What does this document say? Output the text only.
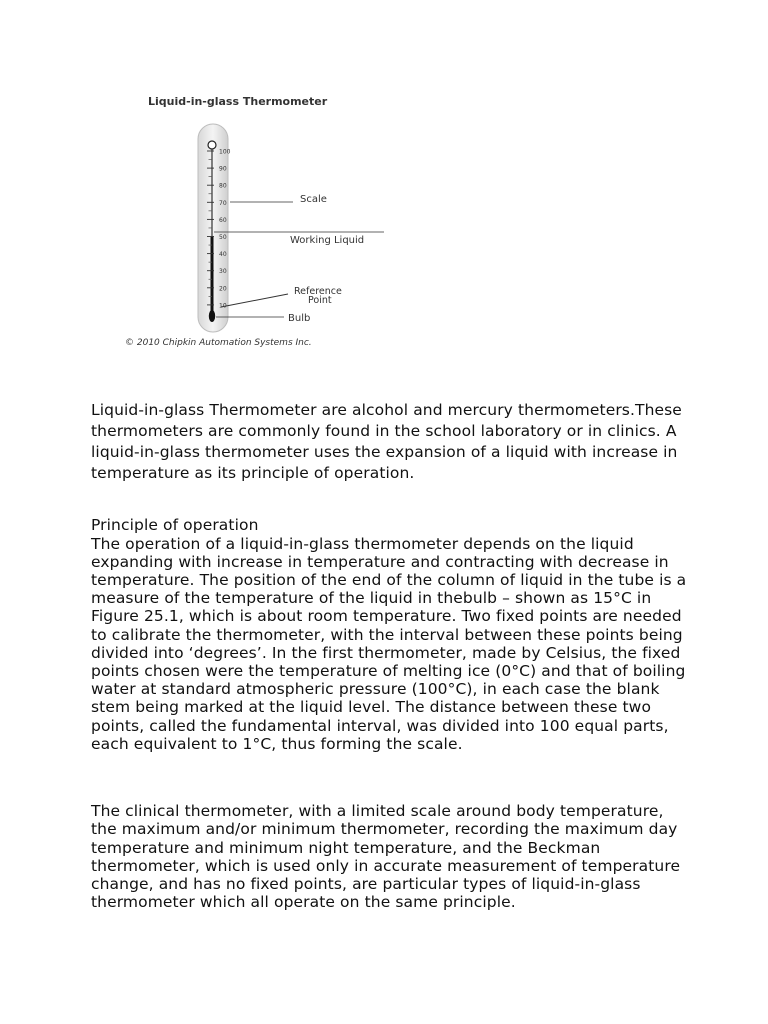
Liquid-in-glass Thermometer
100
90
80
70
60
50
40
30
20
10
Scale
Working Liquid
Reference
Point
Bulb
© 2010 Chipkin Automation Systems Inc.

Liquid-in-glass Thermometer are alcohol and mercury thermometers.These thermometers are commonly found in the school laboratory or in clinics. A liquid-in-glass thermometer uses the expansion of a liquid with increase in temperature as its principle of operation.

Principle of operation

The operation of a liquid-in-glass thermometer depends on the liquid expanding with increase in temperature and contracting with decrease in temperature. The position of the end of the column of liquid in the tube is a measure of the temperature of the liquid in thebulb – shown as 15°C in Figure 25.1, which is about room temperature. Two fixed points are needed to calibrate the thermometer, with the interval between these points being divided into ‘degrees’. In the first thermometer, made by Celsius, the fixed points chosen were the temperature of melting ice (0°C) and that of boiling water at standard atmospheric pressure (100°C), in each case the blank stem being marked at the liquid level. The distance between these two points, called the fundamental interval, was divided into 100 equal parts, each equivalent to 1°C, thus forming the scale.

The clinical thermometer, with a limited scale around body temperature, the maximum and/or minimum thermometer, recording the maximum day temperature and minimum night temperature, and the Beckman thermometer, which is used only in accurate measurement of temperature change, and has no fixed points, are particular types of liquid-in-glass thermometer which all operate on the same principle.
